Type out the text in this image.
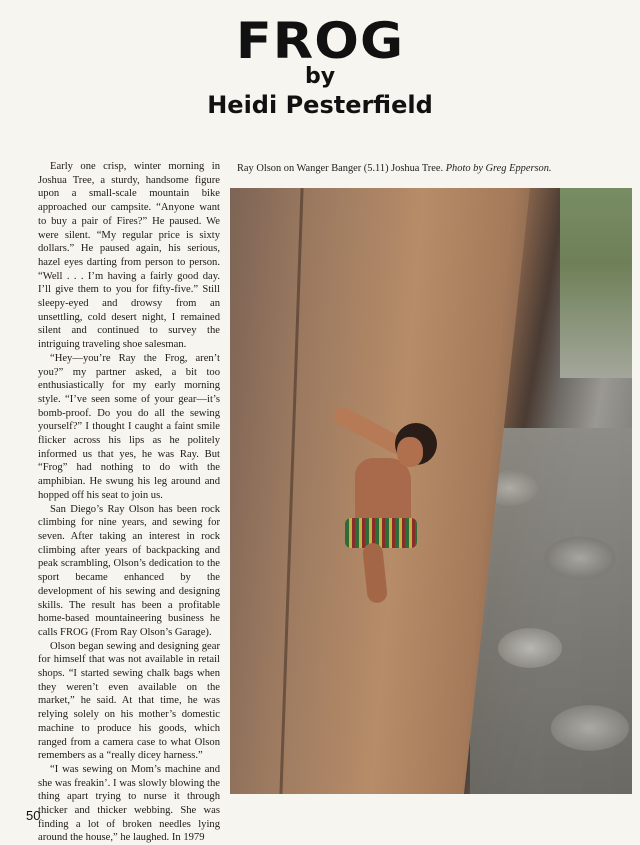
FROG
by
Heidi Pesterfield

Early one crisp, winter morning in Joshua Tree, a sturdy, handsome figure upon a small-scale mountain bike approached our campsite. “Anyone want to buy a pair of Fires?” He paused. We were silent. “My regular price is sixty dollars.” He paused again, his serious, hazel eyes darting from person to person. “Well . . . I’m having a fairly good day. I’ll give them to you for fifty-five.” Still sleepy-eyed and drowsy from an unsettling, cold desert night, I remained silent and continued to survey the intriguing traveling shoe salesman.

“Hey—you’re Ray the Frog, aren’t you?” my partner asked, a bit too enthusiastically for my early morning style. “I’ve seen some of your gear—it’s bomb-proof. Do you do all the sewing yourself?” I thought I caught a faint smile flicker across his lips as he politely informed us that yes, he was Ray. But “Frog” had nothing to do with the amphibian. He swung his leg around and hopped off his seat to join us.

San Diego’s Ray Olson has been rock climbing for nine years, and sewing for seven. After taking an interest in rock climbing after years of backpacking and peak scrambling, Olson’s dedication to the sport became enhanced by the development of his sewing and designing skills. The result has been a profitable home-based mountaineering business he calls FROG (From Ray Olson’s Garage).

Olson began sewing and designing gear for himself that was not available in retail shops. “I started sewing chalk bags when they weren’t even available on the market,” he said. At that time, he was relying solely on his mother’s domestic machine to produce his goods, which ranged from a camera case to what Olson remembers as a “really dicey harness.”

“I was sewing on Mom’s machine and she was freakin’. I was slowly blowing the thing apart trying to nurse it through thicker and thicker webbing. She was finding a lot of broken needles lying around the house,” he laughed. In 1979

Ray Olson on Wanger Banger (5.11) Joshua Tree. Photo by Greg Epperson.
50
